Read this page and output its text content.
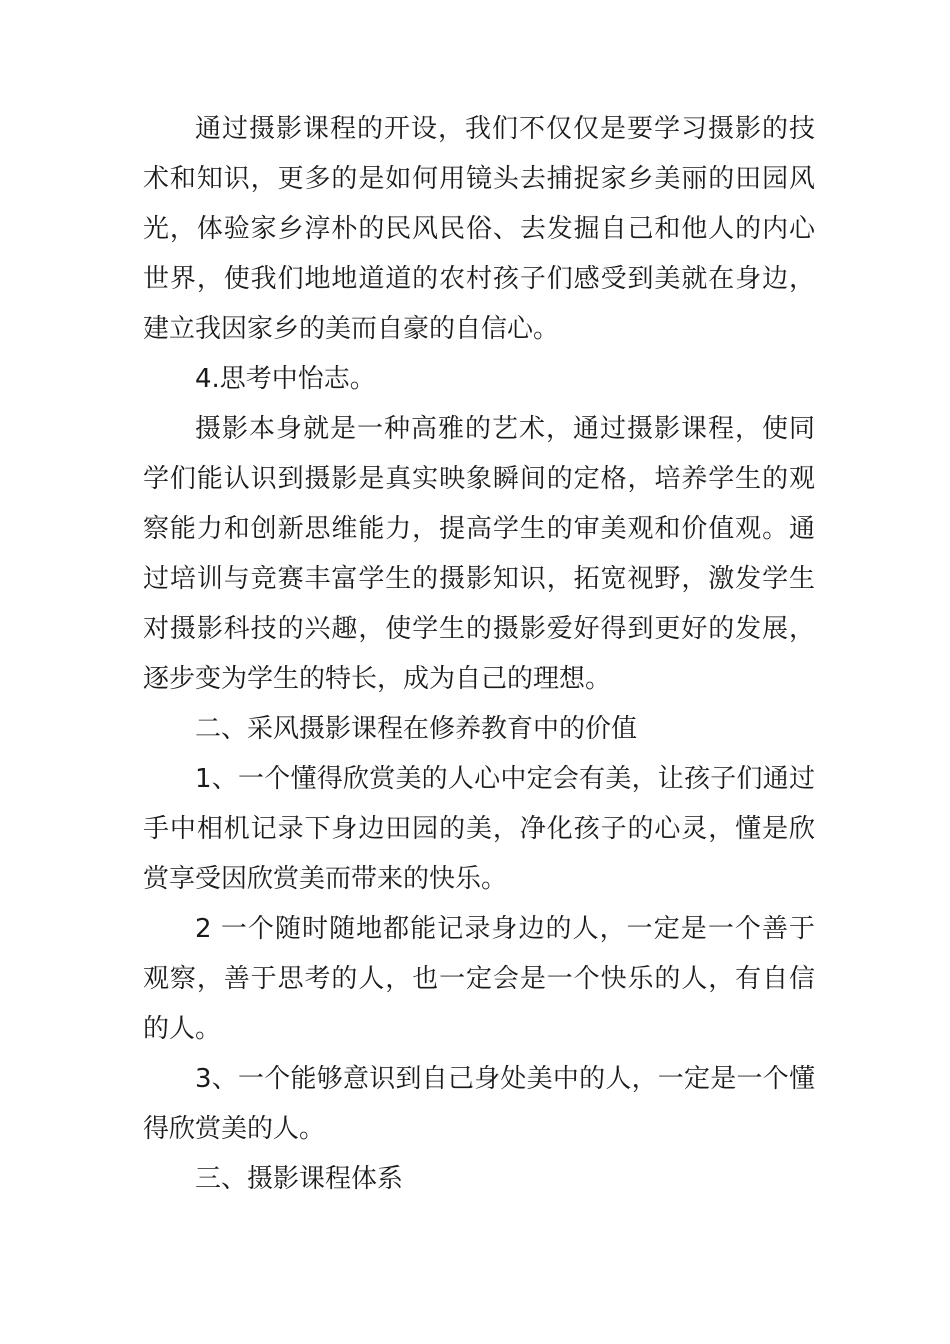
通过摄影课程的开设，我们不仅仅是要学习摄影的技术和知识，更多的是如何用镜头去捕捉家乡美丽的田园风光，体验家乡淳朴的民风民俗、去发掘自己和他人的内心世界，使我们地地道道的农村孩子们感受到美就在身边，建立我因家乡的美而自豪的自信心。

4.思考中怡志。

摄影本身就是一种高雅的艺术，通过摄影课程，使同学们能认识到摄影是真实映象瞬间的定格，培养学生的观察能力和创新思维能力，提高学生的审美观和价值观。通过培训与竞赛丰富学生的摄影知识，拓宽视野，激发学生对摄影科技的兴趣，使学生的摄影爱好得到更好的发展，逐步变为学生的特长，成为自己的理想。

二、采风摄影课程在修养教育中的价值

1、一个懂得欣赏美的人心中定会有美，让孩子们通过手中相机记录下身边田园的美，净化孩子的心灵，懂是欣赏享受因欣赏美而带来的快乐。

2 一个随时随地都能记录身边的人，一定是一个善于观察，善于思考的人，也一定会是一个快乐的人，有自信的人。

3、一个能够意识到自己身处美中的人，一定是一个懂得欣赏美的人。

三、摄影课程体系
